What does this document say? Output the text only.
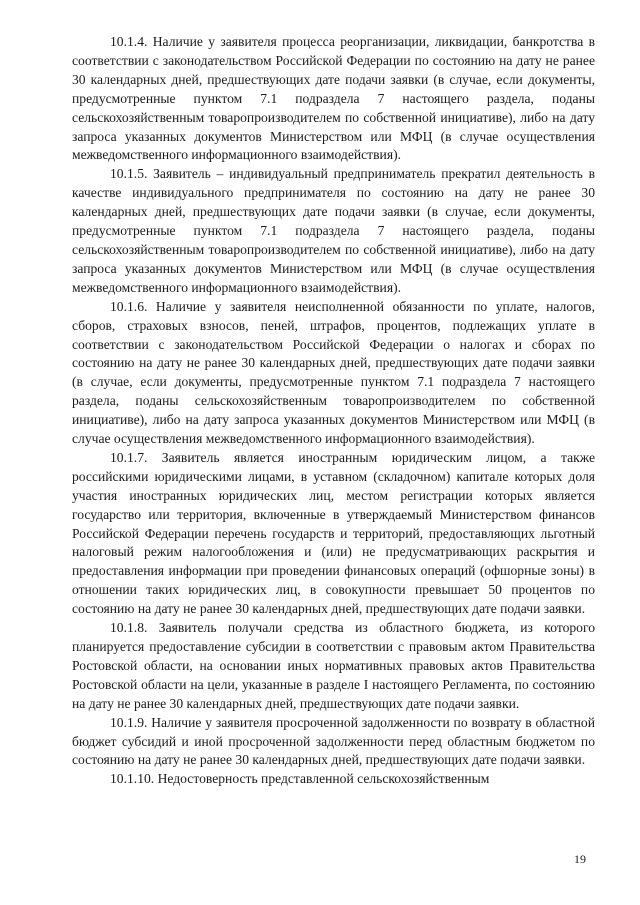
10.1.4. Наличие у заявителя процесса реорганизации, ликвидации, банкротства в соответствии с законодательством Российской Федерации по состоянию на дату не ранее 30 календарных дней, предшествующих дате подачи заявки (в случае, если документы, предусмотренные пунктом 7.1 подраздела 7 настоящего раздела, поданы сельскохозяйственным товаропроизводителем по собственной инициативе), либо на дату запроса указанных документов Министерством или МФЦ (в случае осуществления межведомственного информационного взаимодействия).

10.1.5. Заявитель – индивидуальный предприниматель прекратил деятельность в качестве индивидуального предпринимателя по состоянию на дату не ранее 30 календарных дней, предшествующих дате подачи заявки (в случае, если документы, предусмотренные пунктом 7.1 подраздела 7 настоящего раздела, поданы сельскохозяйственным товаропроизводителем по собственной инициативе), либо на дату запроса указанных документов Министерством или МФЦ (в случае осуществления межведомственного информационного взаимодействия).

10.1.6. Наличие у заявителя неисполненной обязанности по уплате, налогов, сборов, страховых взносов, пеней, штрафов, процентов, подлежащих уплате в соответствии с законодательством Российской Федерации о налогах и сборах по состоянию на дату не ранее 30 календарных дней, предшествующих дате подачи заявки (в случае, если документы, предусмотренные пунктом 7.1 подраздела 7 настоящего раздела, поданы сельскохозяйственным товаропроизводителем по собственной инициативе), либо на дату запроса указанных документов Министерством или МФЦ (в случае осуществления межведомственного информационного взаимодействия).

10.1.7. Заявитель является иностранным юридическим лицом, а также российскими юридическими лицами, в уставном (складочном) капитале которых доля участия иностранных юридических лиц, местом регистрации которых является государство или территория, включенные в утверждаемый Министерством финансов Российской Федерации перечень государств и территорий, предоставляющих льготный налоговый режим налогообложения и (или) не предусматривающих раскрытия и предоставления информации при проведении финансовых операций (офшорные зоны) в отношении таких юридических лиц, в совокупности превышает 50 процентов по состоянию на дату не ранее 30 календарных дней, предшествующих дате подачи заявки.

10.1.8. Заявитель получали средства из областного бюджета, из которого планируется предоставление субсидии в соответствии с правовым актом Правительства Ростовской области, на основании иных нормативных правовых актов Правительства Ростовской области на цели, указанные в разделе I настоящего Регламента, по состоянию на дату не ранее 30 календарных дней, предшествующих дате подачи заявки.

10.1.9. Наличие у заявителя просроченной задолженности по возврату в областной бюджет субсидий и иной просроченной задолженности перед областным бюджетом по состоянию на дату не ранее 30 календарных дней, предшествующих дате подачи заявки.

10.1.10. Недостоверность представленной сельскохозяйственным

19
